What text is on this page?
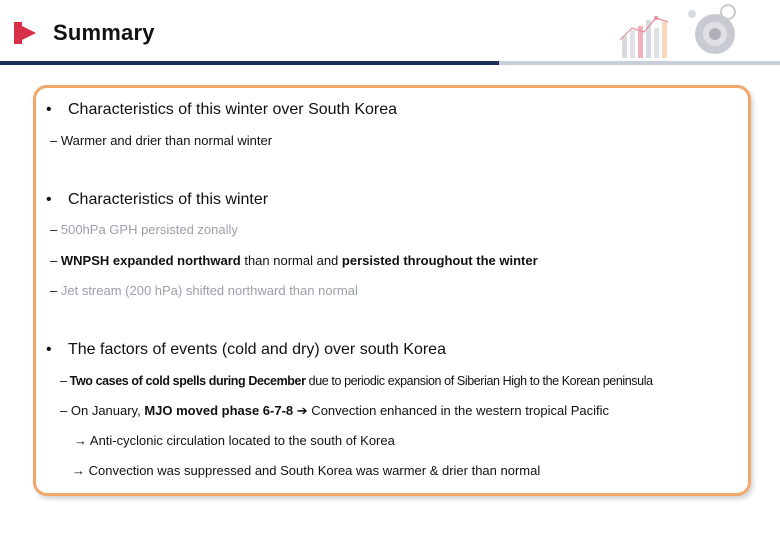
Summary
• Characteristics of this winter over South Korea
– Warmer and drier than normal winter
• Characteristics of this winter
– 500hPa GPH persisted zonally
– WNPSH expanded northward than normal and persisted throughout the winter
– Jet stream (200 hPa) shifted northward than normal
• The factors of events (cold and dry) over south Korea
– Two cases of cold spells during December due to periodic expansion of Siberian High to the Korean peninsula
– On January, MJO moved phase 6-7-8 ➔ Convection enhanced in the western tropical Pacific
→ Anti-cyclonic circulation located to the south of Korea
→ Convection was suppressed and South Korea was warmer & drier than normal
